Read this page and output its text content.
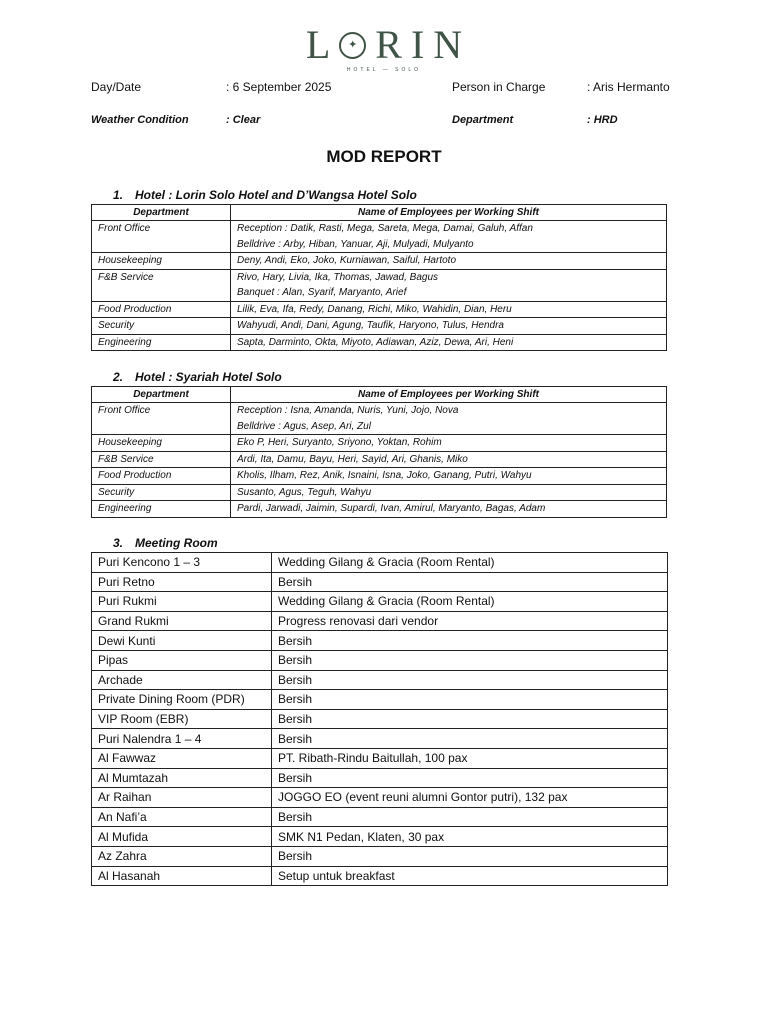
L ✦ RIN
HOTEL — SOLO
Day/Date	: 6 September 2025	Person in Charge	: Aris Hermanto
Weather Condition	: Clear	Department	: HRD
MOD REPORT
1. Hotel : Lorin Solo Hotel and D’Wangsa Hotel Solo
Department	Name of Employees per Working Shift
Front Office	Reception : Datik, Rasti, Mega, Sareta, Mega, Damai, Galuh, Affan
Belldrive : Arby, Hiban, Yanuar, Aji, Mulyadi, Mulyanto

Housekeeping	Deny, Andi, Eko, Joko, Kurniawan, Saiful, Hartoto

F&B Service	Rivo, Hary, Livia, Ika, Thomas, Jawad, Bagus
Banquet : Alan, Syarif, Maryanto, Arief

Food Production	Lilik, Eva, Ifa, Redy, Danang, Richi, Miko, Wahidin, Dian, Heru

Security	Wahyudi, Andi, Dani, Agung, Taufik, Haryono, Tulus, Hendra

Engineering	Sapta, Darminto, Okta, Miyoto, Adiawan, Aziz, Dewa, Ari, Heni
2. Hotel : Syariah Hotel Solo
Department	Name of Employees per Working Shift
Front Office	Reception : Isna, Amanda, Nuris, Yuni, Jojo, Nova
Belldrive : Agus, Asep, Ari, Zul

Housekeeping	Eko P, Heri, Suryanto, Sriyono, Yoktan, Rohim

F&B Service	Ardi, Ita, Damu, Bayu, Heri, Sayid, Ari, Ghanis, Miko

Food Production	Kholis, Ilham, Rez, Anik, Isnaini, Isna, Joko, Ganang, Putri, Wahyu

Security	Susanto, Agus, Teguh, Wahyu

Engineering	Pardi, Jarwadi, Jaimin, Supardi, Ivan, Amirul, Maryanto, Bagas, Adam
3. Meeting Room
Puri Kencono 1 – 3	Wedding Gilang & Gracia (Room Rental)
Puri Retno	Bersih
Puri Rukmi	Wedding Gilang & Gracia (Room Rental)
Grand Rukmi	Progress renovasi dari vendor
Dewi Kunti	Bersih
Pipas	Bersih
Archade	Bersih
Private Dining Room (PDR)	Bersih
VIP Room (EBR)	Bersih
Puri Nalendra 1 – 4	Bersih
Al Fawwaz	PT. Ribath-Rindu Baitullah, 100 pax
Al Mumtazah	Bersih
Ar Raihan	JOGGO EO (event reuni alumni Gontor putri), 132 pax
An Nafi’a	Bersih
Al Mufida	SMK N1 Pedan, Klaten, 30 pax
Az Zahra	Bersih
Al Hasanah	Setup untuk breakfast
